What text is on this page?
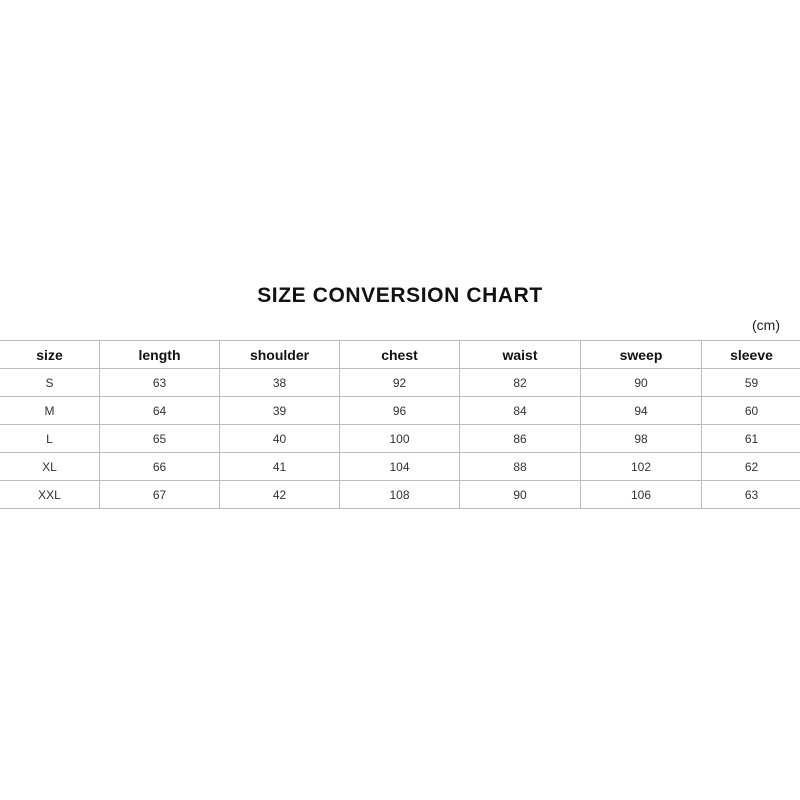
SIZE CONVERSION CHART
(cm)
size	length	shoulder	chest	waist	sweep	sleeve
S	63	38	92	82	90	59
M	64	39	96	84	94	60
L	65	40	100	86	98	61
XL	66	41	104	88	102	62
XXL	67	42	108	90	106	63
